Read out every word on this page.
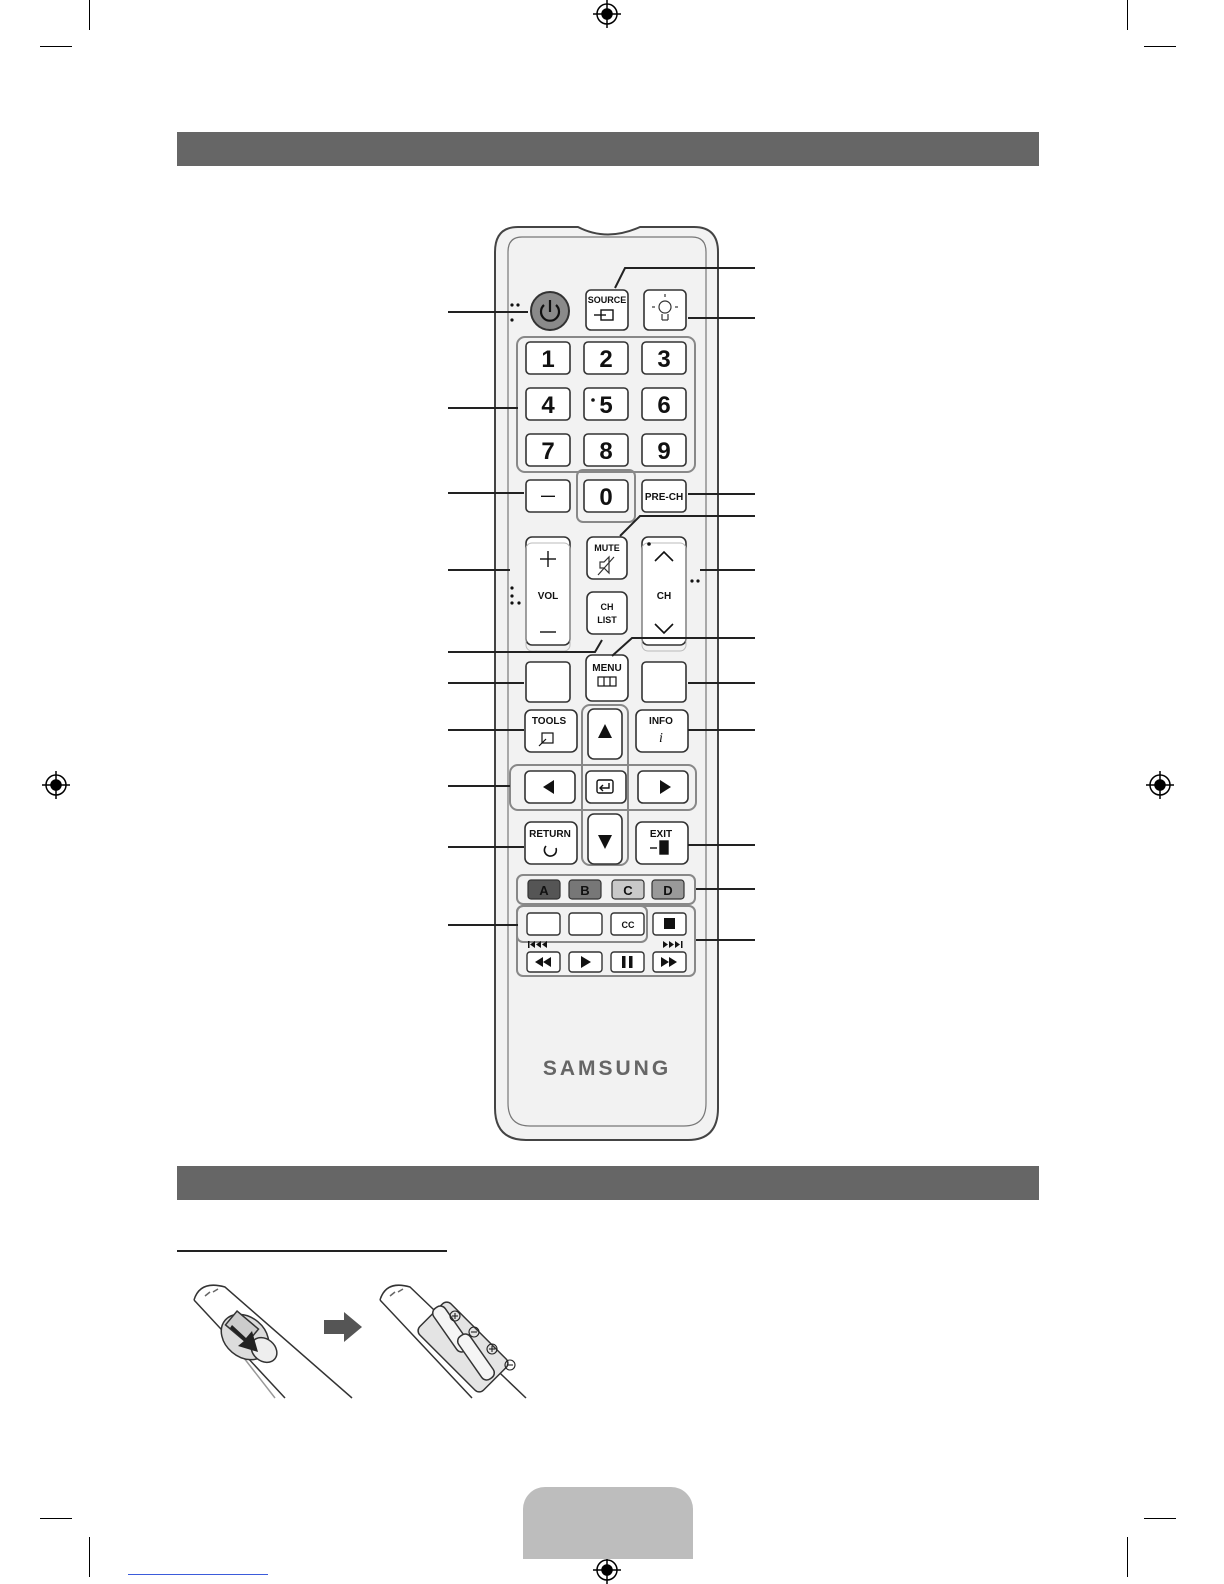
SOURCE
1 2 3
4 5 6
7 8 9
0
—	PRE-CH
VOL
MUTE
CH
LIST
CH
MENU
TOOLS	INFO
i
RETURN	EXIT
A B	C D
CC
SAMSUNG
